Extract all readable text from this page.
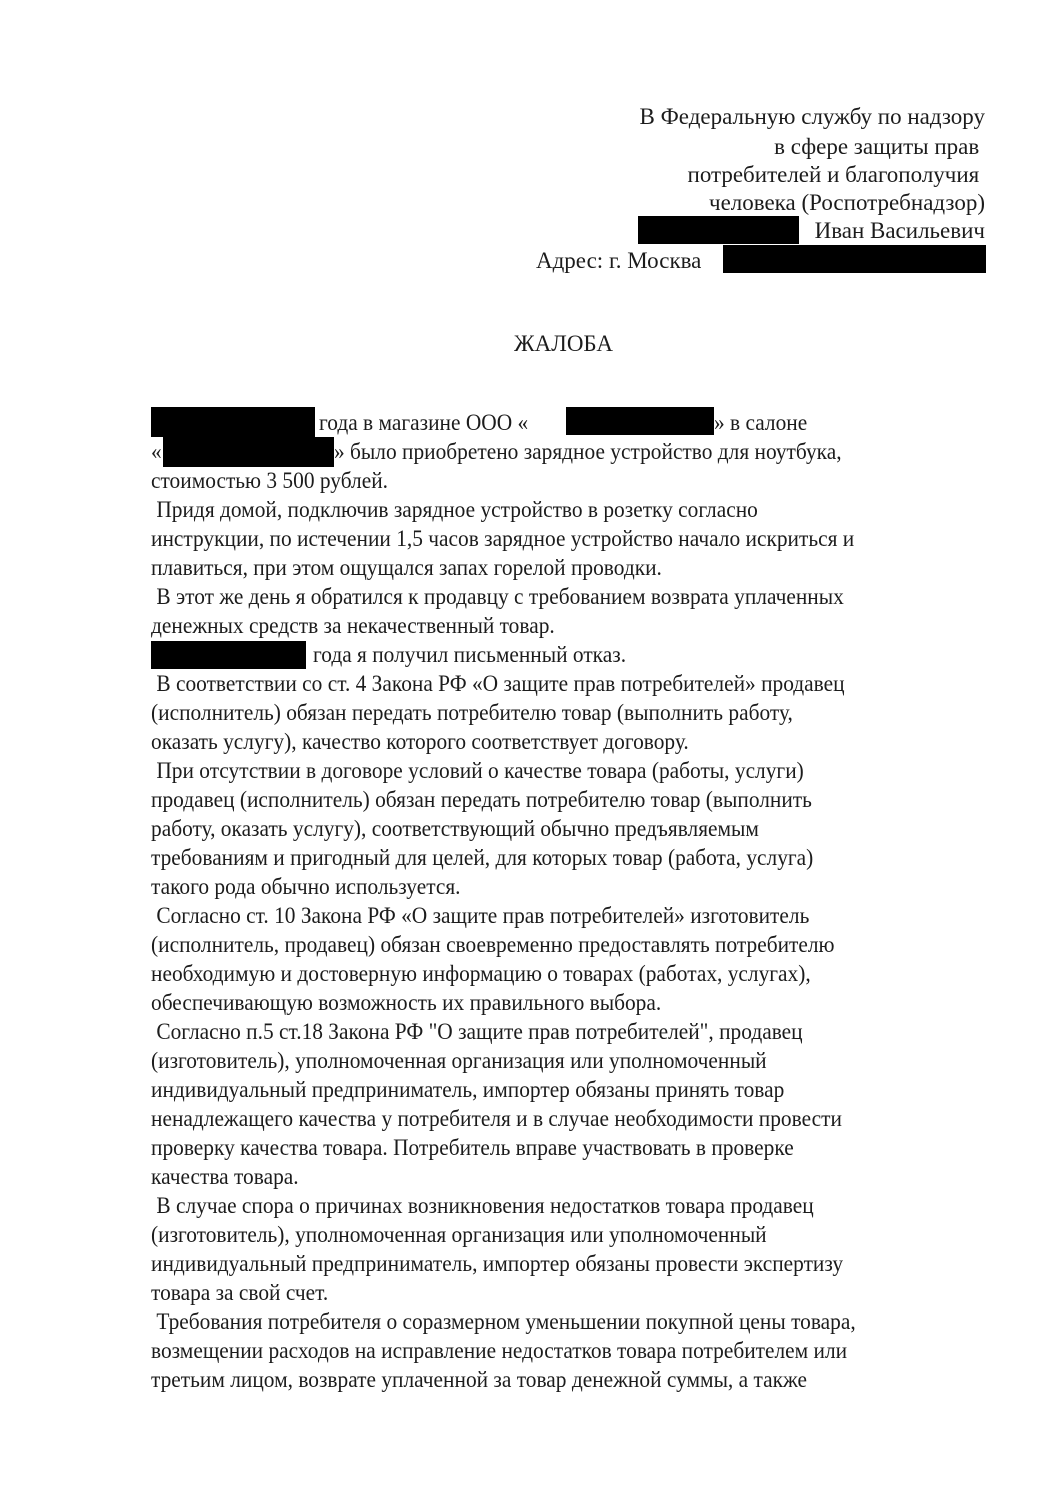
В Федеральную службу по надзору
в сфере защиты прав
потребителей и благополучия
человека (Роспотребнадзор)
Иван Васильевич
Адрес: г. Москва
ЖАЛОБА
года в магазине ООО «	» в салоне
«	» было приобретено зарядное устройство для ноутбука,
стоимостью 3 500 рублей.
Придя домой, подключив зарядное устройство в розетку согласно
инструкции, по истечении 1,5 часов зарядное устройство начало искриться и
плавиться, при этом ощущался запах горелой проводки.
В этот же день я обратился к продавцу с требованием возврата уплаченных
денежных средств за некачественный товар.
года я получил письменный отказ.
В соответствии со ст. 4 Закона РФ «О защите прав потребителей» продавец
(исполнитель) обязан передать потребителю товар (выполнить работу,
оказать услугу), качество которого соответствует договору.
При отсутствии в договоре условий о качестве товара (работы, услуги)
продавец (исполнитель) обязан передать потребителю товар (выполнить
работу, оказать услугу), соответствующий обычно предъявляемым
требованиям и пригодный для целей, для которых товар (работа, услуга)
такого рода обычно используется.
Согласно ст. 10 Закона РФ «О защите прав потребителей» изготовитель
(исполнитель, продавец) обязан своевременно предоставлять потребителю
необходимую и достоверную информацию о товарах (работах, услугах),
обеспечивающую возможность их правильного выбора.
Согласно п.5 ст.18 Закона РФ "О защите прав потребителей", продавец
(изготовитель), уполномоченная организация или уполномоченный
индивидуальный предприниматель, импортер обязаны принять товар
ненадлежащего качества у потребителя и в случае необходимости провести
проверку качества товара. Потребитель вправе участвовать в проверке
качества товара.
В случае спора о причинах возникновения недостатков товара продавец
(изготовитель), уполномоченная организация или уполномоченный
индивидуальный предприниматель, импортер обязаны провести экспертизу
товара за свой счет.
Требования потребителя о соразмерном уменьшении покупной цены товара,
возмещении расходов на исправление недостатков товара потребителем или
третьим лицом, возврате уплаченной за товар денежной суммы, а также
